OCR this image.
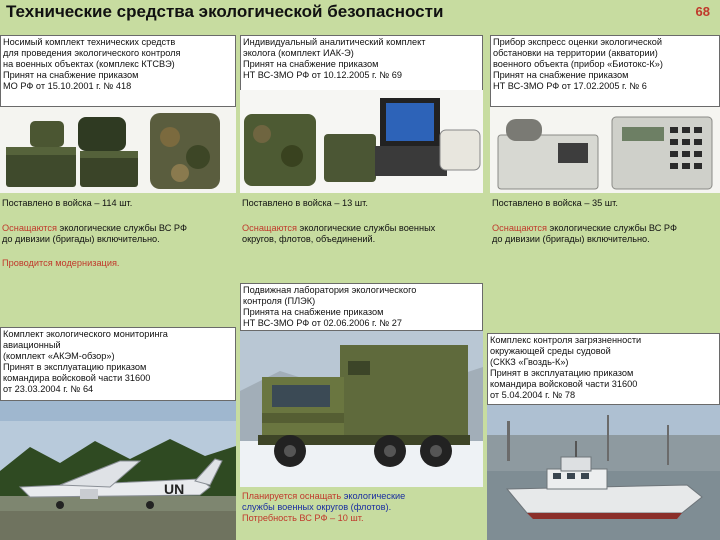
Технические средства экологической безопасности	68
Носимый комплект технических средств
для проведения экологического контроля
на военных объектах (комплекс КТСВЭ)
Принят на снабжение приказом
МО РФ от 15.10.2001 г. № 418
Поставлено в войска – 114 шт.
Оснащаются экологические службы ВС РФ
до дивизии (бригады) включительно.
Проводится модернизация.
Индивидуальный аналитический комплект
эколога (комплект ИАК-Э)
Принят на снабжение приказом
НТ ВС-ЗМО РФ от 10.12.2005 г. № 69
Поставлено в войска – 13 шт.
Оснащаются экологические службы военных
округов, флотов, объединений.
Прибор экспресс оценки экологической
обстановки на территории (акватории)
военного объекта (прибор «Биотокс-К»)
Принят на снабжение приказом
НТ ВС-ЗМО РФ от 17.02.2005 г. № 6
Поставлено в войска – 35 шт.
Оснащаются экологические службы ВС РФ
до дивизии (бригады) включительно.
Комплект экологического мониторинга
авиационный
(комплект «АКЭМ-обзор»)
Принят в эксплуатацию приказом
командира войсковой части 31600
от 23.03.2004 г. № 64
UN
Подвижная лаборатория экологического
контроля (ПЛЭК)
Принята на снабжение приказом
НТ ВС-ЗМО РФ от 02.06.2006 г. № 27
Планируется оснащать экологические
службы военных округов (флотов).
Потребность ВС РФ – 10 шт.
Комплекс контроля загрязненности
окружающей среды судовой
(СККЗ «Гвоздь-К»)
Принят в эксплуатацию приказом
командира войсковой части 31600
от 5.04.2004 г. № 78
